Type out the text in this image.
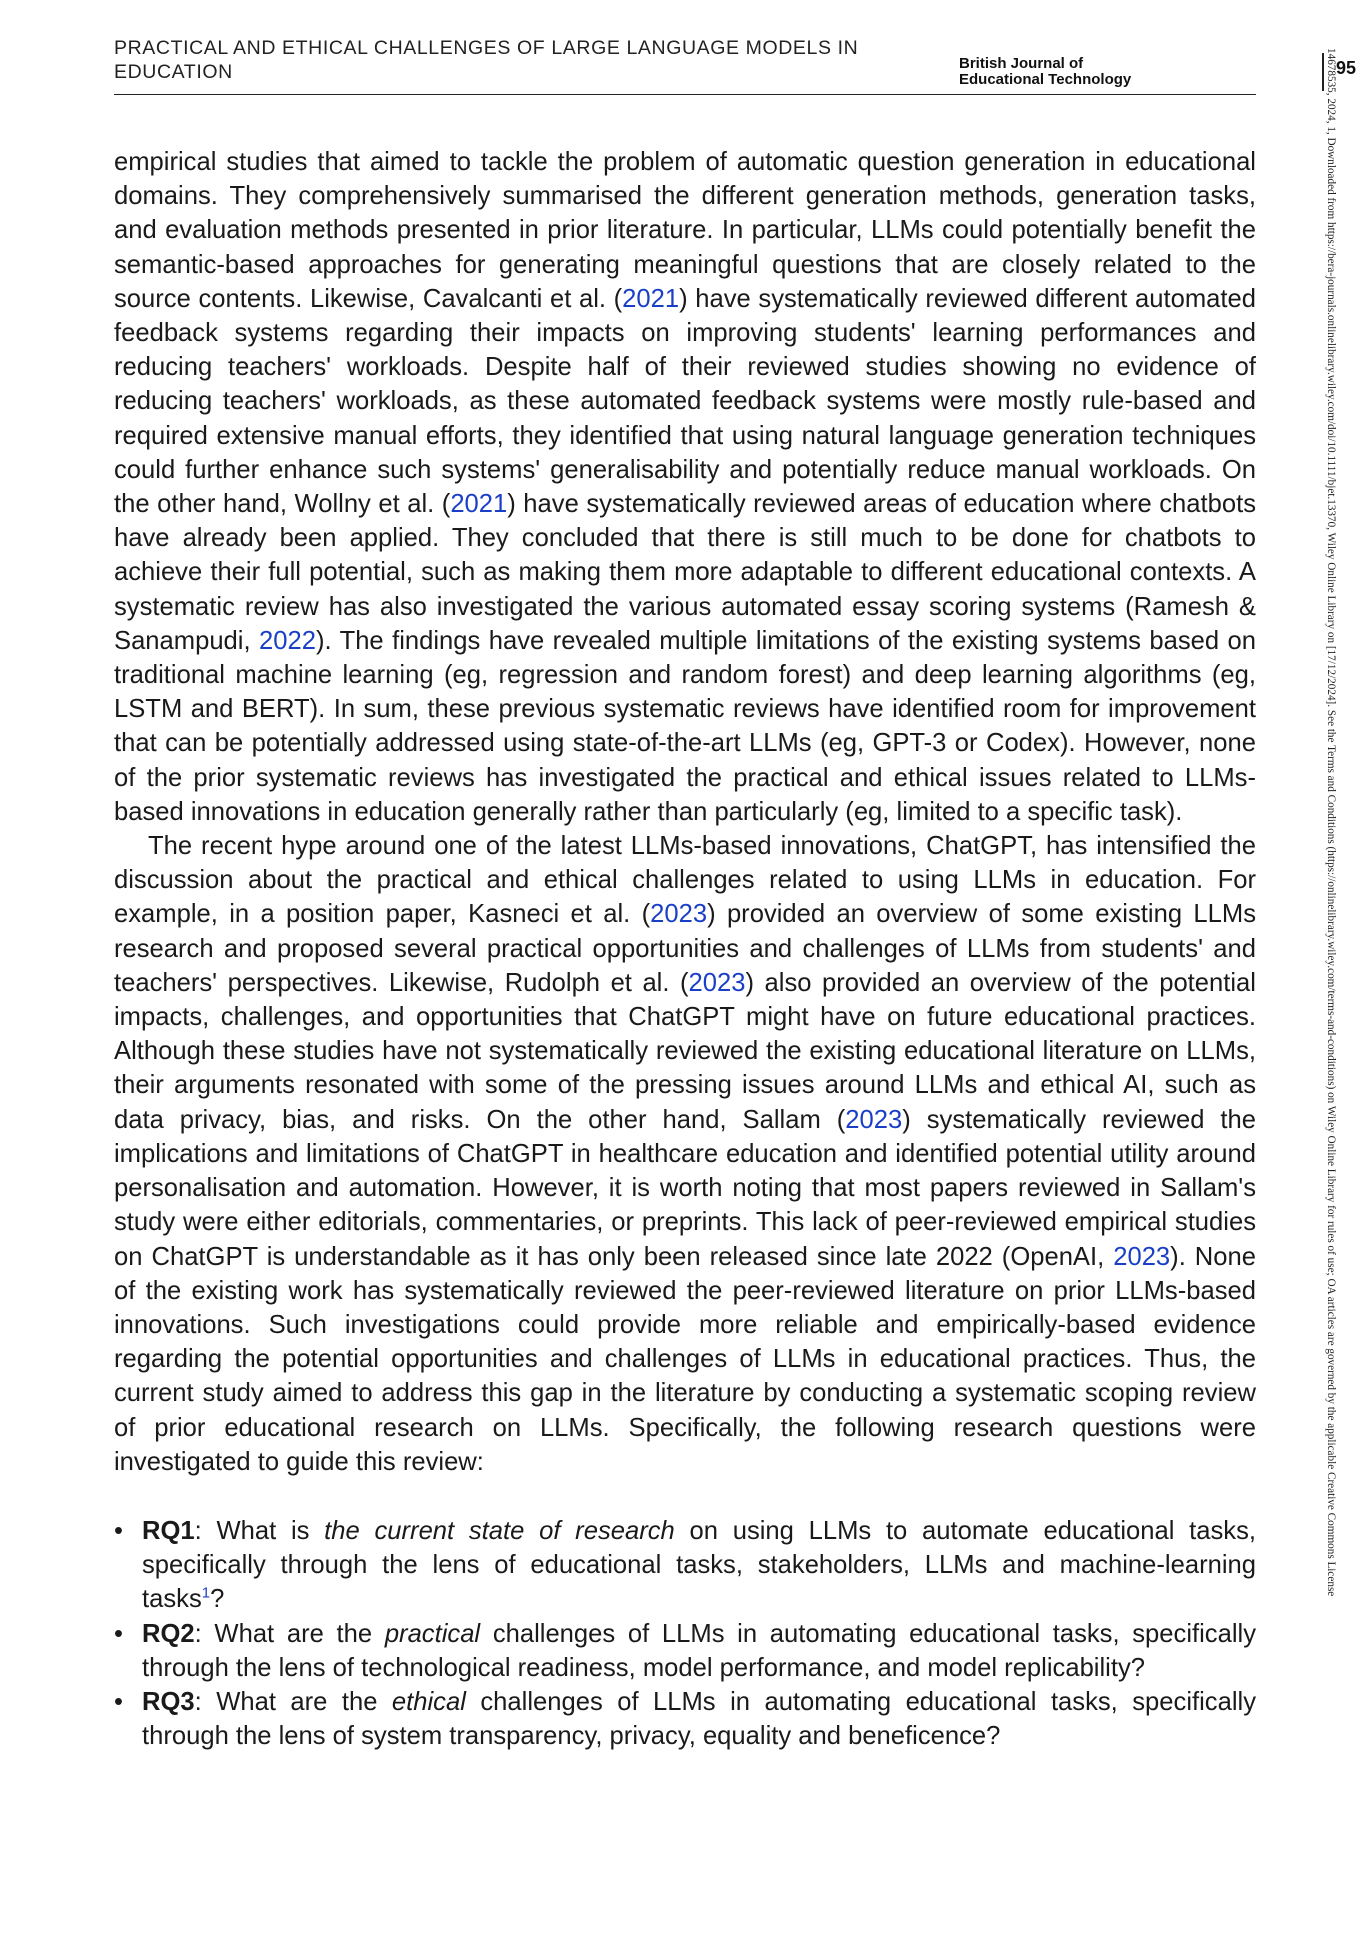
PRACTICAL AND ETHICAL CHALLENGES OF LARGE LANGUAGE MODELS IN EDUCATION	British Journal of
Educational Technology
95
14678535, 2024, 1, Downloaded from https://bera-journals.onlinelibrary.wiley.com/doi/10.1111/bjet.13370, Wiley Online Library on [17/12/2024]. See the Terms and Conditions (https://onlinelibrary.wiley.com/terms-and-conditions) on Wiley Online Library for rules of use; OA articles are governed by the applicable Creative Commons License

empirical studies that aimed to tackle the problem of automatic question generation in educational domains. They comprehensively summarised the different generation methods, generation tasks, and evaluation methods presented in prior literature. In particular, LLMs could potentially benefit the semantic-based approaches for generating meaningful questions that are closely related to the source contents. Likewise, Cavalcanti et al. (2021) have systematically reviewed different automated feedback systems regarding their impacts on improving students' learning performances and reducing teachers' workloads. Despite half of their reviewed studies showing no evidence of reducing teachers' workloads, as these automated feedback systems were mostly rule-based and required extensive manual efforts, they identified that using natural language generation techniques could further enhance such systems' generalisability and potentially reduce manual workloads. On the other hand, Wollny et al. (2021) have systematically reviewed areas of education where chatbots have already been applied. They concluded that there is still much to be done for chatbots to achieve their full potential, such as making them more adaptable to different educational contexts. A systematic review has also investigated the various automated essay scoring systems (Ramesh & Sanampudi, 2022). The findings have revealed multiple limitations of the existing systems based on traditional machine learning (eg, regression and random forest) and deep learning algorithms (eg, LSTM and BERT). In sum, these previous systematic reviews have identified room for improvement that can be potentially addressed using state-of-the-art LLMs (eg, GPT-3 or Codex). However, none of the prior systematic reviews has investigated the practical and ethical issues related to LLMs-based innovations in education generally rather than particularly (eg, limited to a specific task).

The recent hype around one of the latest LLMs-based innovations, ChatGPT, has intensified the discussion about the practical and ethical challenges related to using LLMs in education. For example, in a position paper, Kasneci et al. (2023) provided an overview of some existing LLMs research and proposed several practical opportunities and challenges of LLMs from students' and teachers' perspectives. Likewise, Rudolph et al. (2023) also provided an overview of the potential impacts, challenges, and opportunities that ChatGPT might have on future educational practices. Although these studies have not systematically reviewed the existing educational literature on LLMs, their arguments resonated with some of the pressing issues around LLMs and ethical AI, such as data privacy, bias, and risks. On the other hand, Sallam (2023) systematically reviewed the implications and limitations of ChatGPT in healthcare education and identified potential utility around personalisation and automation. However, it is worth noting that most papers reviewed in Sallam's study were either editorials, commentaries, or preprints. This lack of peer-reviewed empirical studies on ChatGPT is understandable as it has only been released since late 2022 (OpenAI, 2023). None of the existing work has systematically reviewed the peer-reviewed literature on prior LLMs-based innovations. Such investigations could provide more reliable and empirically-based evidence regarding the potential opportunities and challenges of LLMs in educational practices. Thus, the current study aimed to address this gap in the literature by conducting a systematic scoping review of prior educational research on LLMs. Specifically, the following research questions were investigated to guide this review:

• RQ1: What is the current state of research on using LLMs to automate educational tasks, specifically through the lens of educational tasks, stakeholders, LLMs and machine-learning tasks$^1$?
• RQ2: What are the practical challenges of LLMs in automating educational tasks, specifically through the lens of technological readiness, model performance, and model replicability?
• RQ3: What are the ethical challenges of LLMs in automating educational tasks, specifically through the lens of system transparency, privacy, equality and beneficence?
